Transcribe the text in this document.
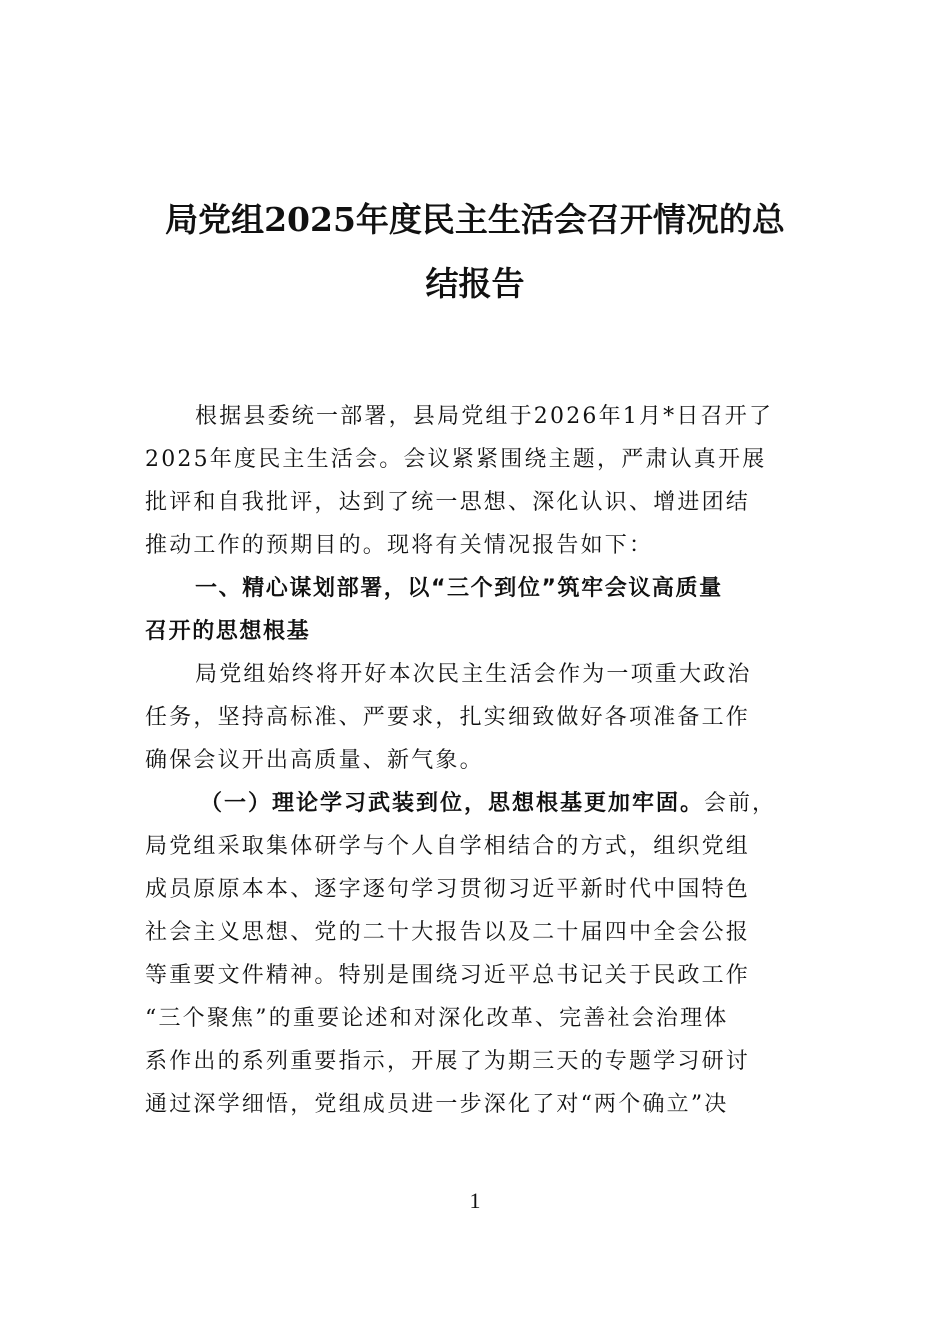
局党组2025年度民主生活会召开情况的总
结报告
根据县委统一部署，县局党组于2026年1月*日召开了
2025年度民主生活会。会议紧紧围绕主题，严肃认真开展
批评和自我批评，达到了统一思想、深化认识、增进团结
推动工作的预期目的。现将有关情况报告如下：
一、精心谋划部署，以“三个到位”筑牢会议高质量
召开的思想根基
局党组始终将开好本次民主生活会作为一项重大政治
任务，坚持高标准、严要求，扎实细致做好各项准备工作
确保会议开出高质量、新气象。
（一）理论学习武装到位，思想根基更加牢固。会前，
局党组采取集体研学与个人自学相结合的方式，组织党组
成员原原本本、逐字逐句学习贯彻习近平新时代中国特色
社会主义思想、党的二十大报告以及二十届四中全会公报
等重要文件精神。特别是围绕习近平总书记关于民政工作
“三个聚焦”的重要论述和对深化改革、完善社会治理体
系作出的系列重要指示，开展了为期三天的专题学习研讨
通过深学细悟，党组成员进一步深化了对“两个确立”决
1
